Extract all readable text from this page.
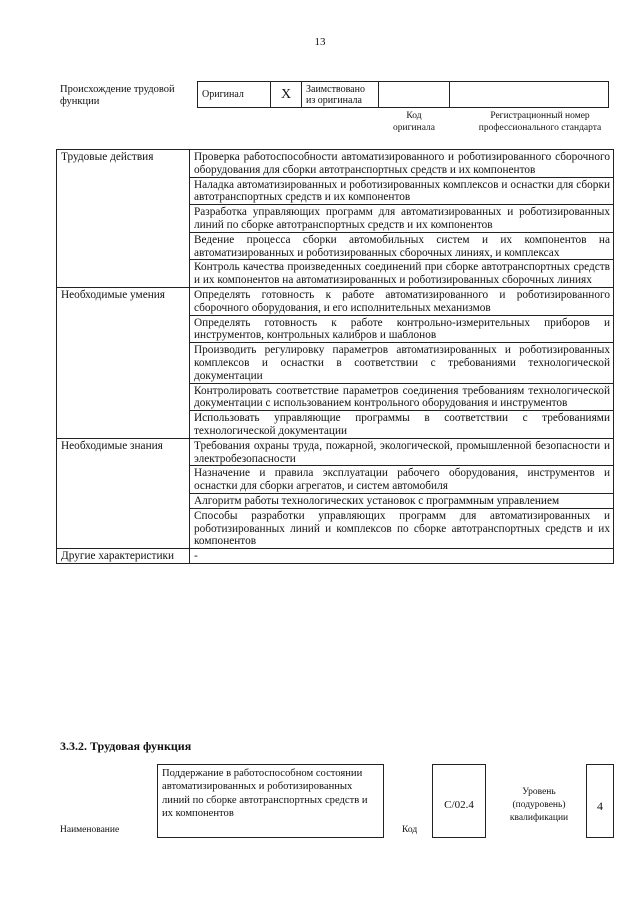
13
Происхождение трудовой функции
Оригинал	X	Заимствовано из оригинала		
Код оригинала
Регистрационный номер профессионального стандарта
Трудовые действия	Проверка работоспособности автоматизированного и роботизированного сборочного оборудования для сборки автотранспортных средств и их компонентов
	Наладка автоматизированных и роботизированных комплексов и оснастки для сборки автотранспортных средств и их компонентов
	Разработка управляющих программ для автоматизированных и роботизированных линий по сборке автотранспортных средств и их компонентов
	Ведение процесса сборки автомобильных систем и их компонентов на автоматизированных и роботизированных сборочных линиях, и комплексах
	Контроль качества произведенных соединений при сборке автотранспортных средств и их компонентов на автоматизированных и роботизированных сборочных линиях
Необходимые умения	Определять готовность к работе автоматизированного и роботизированного сборочного оборудования, и его исполнительных механизмов
	Определять готовность к работе контрольно-измерительных приборов и инструментов, контрольных калибров и шаблонов
	Производить регулировку параметров автоматизированных и роботизированных комплексов и оснастки в соответствии с требованиями технологической документации
	Контролировать соответствие параметров соединения требованиям технологической документации с использованием контрольного оборудования и инструментов
	Использовать управляющие программы в соответствии с требованиями технологической документации
Необходимые знания	Требования охраны труда, пожарной, экологической, промышленной безопасности и электробезопасности
	Назначение и правила эксплуатации рабочего оборудования, инструментов и оснастки для сборки агрегатов, и систем автомобиля
	Алгоритм работы технологических установок с программным управлением
	Способы разработки управляющих программ для автоматизированных и роботизированных линий и комплексов по сборке автотранспортных средств и их компонентов
Другие характеристики	-
3.3.2. Трудовая функция
Наименование
Поддержание в работоспособном состоянии автоматизированных и роботизированных линий по сборке автотранспортных средств и их компонентов
Код
C/02.4
Уровень (подуровень) квалификации
4
